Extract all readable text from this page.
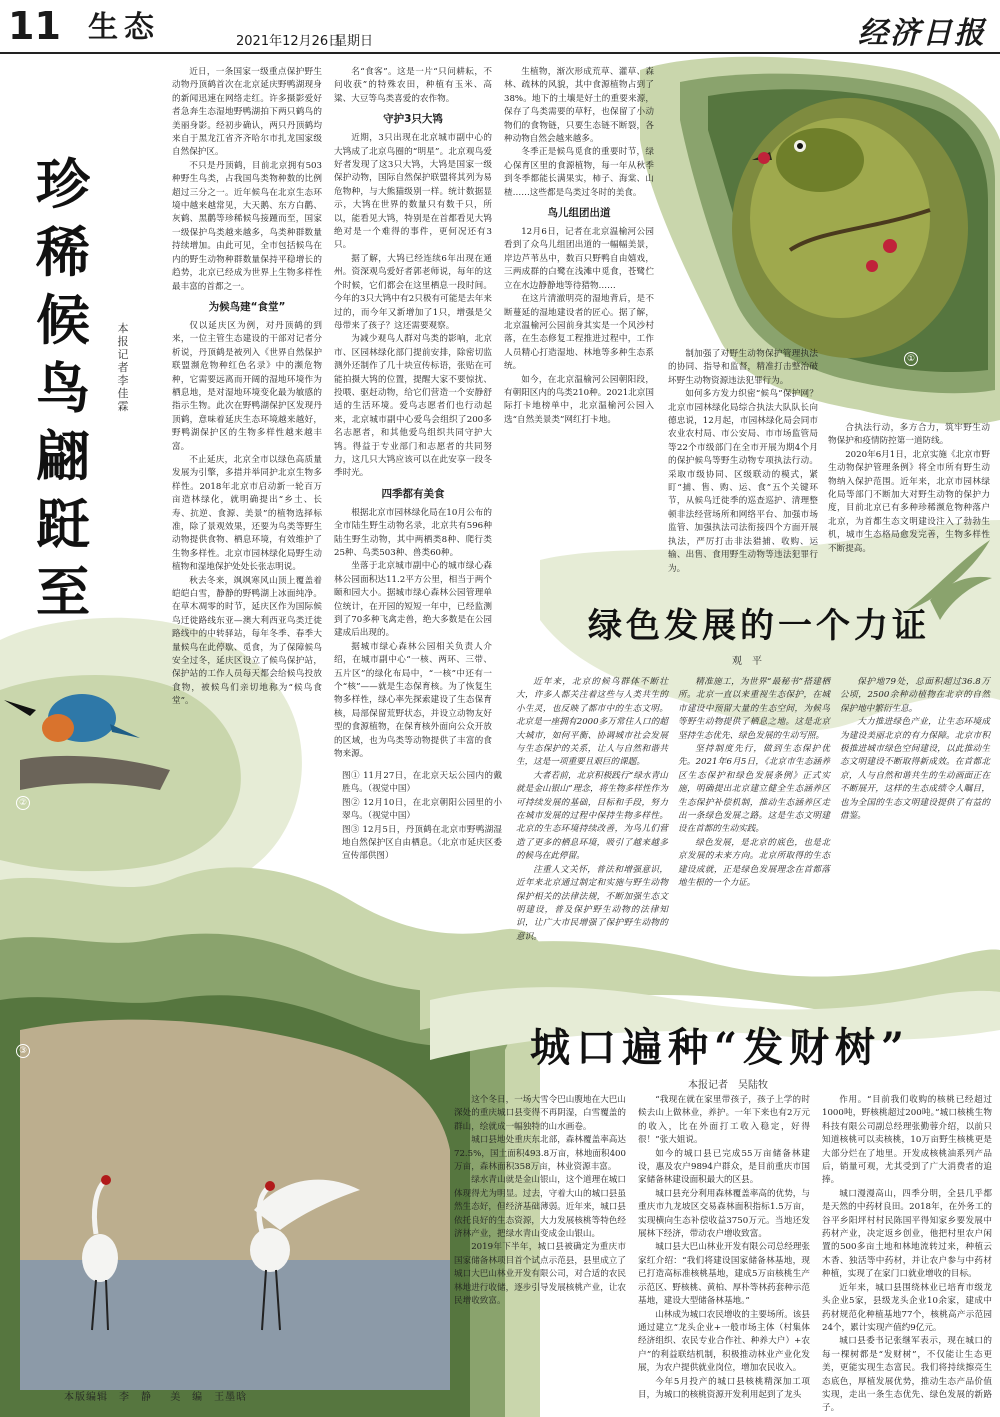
11 生态	2021年12月26日
星期日	经济日报
①
②
③
珍
稀
候
鸟
翩
跹
至
本
报
记
者
李
佳
霖

近日，一条国家一级重点保护野生动物丹顶鹤首次在北京延庆野鸭湖现身的新闻迅速在网络走红。许多摄影爱好者急奔生态湿地野鸭湖拍下两只鹤鸟的美丽身影。经初步确认，两只丹顶鹤均来自于黑龙江省齐齐哈尔市扎龙国家级自然保护区。

不只是丹顶鹤，目前北京拥有503种野生鸟类，占我国鸟类物种数的比例超过三分之一。近年候鸟在北京生态环境中越来越常见，大天鹅、东方白鹳、灰鹤、黑鹳等珍稀候鸟接踵而至，国家一级保护鸟类越来越多，鸟类种群数量持续增加。由此可见，全市包括候鸟在内的野生动物种群数量保持平稳增长的趋势，北京已经成为世界上生物多样性最丰富的首都之一。

为候鸟建“食堂”

仅以延庆区为例，对丹顶鹤的到来，一位主管生态建设的干部对记者分析说，丹顶鹤是被列入《世界自然保护联盟濒危物种红色名录》中的濒危物种，它需要远离而开阔的湿地环境作为栖息地，是对湿地环境变化最为敏感的指示生物。此次在野鸭湖保护区发现丹顶鹤，意味着延庆生态环境越来越好，野鸭湖保护区的生物多样性越来越丰富。

不止延庆，北京全市以绿色高质量发展为引擎，多措并举同护北京生物多样性。2018年北京市启动新一轮百万亩造林绿化，就明确提出“乡土、长寿、抗逆、食源、美景”的植物选择标准，除了景观效果，还要为鸟类等野生动物提供食物、栖息环境，有效维护了生物多样性。北京市园林绿化局野生动植物和湿地保护处处长张志明说。

秋去冬来，飒飒寒风山顶上覆盖着皑皑白雪，静静的野鸭湖上冰面纯净。在草木凋零的时节，延庆区作为国际候鸟迁徙路线东亚—澳大利西亚鸟类迁徙路线中的中转驿站，每年冬季、春季大量候鸟在此停歇、觅食，为了保障候鸟安全过冬，延庆区设立了候鸟保护站，保护站的工作人员每天都会给候鸟投放食物，被候鸟们亲切地称为“候鸟食堂”。

名“食客”。这是一片“只问耕耘，不问收获”的特殊农田，种植有玉米、高粱、大豆等鸟类喜爱的农作物。

守护3只大鸨

近期，3只出现在北京城市副中心的大鸨成了北京鸟圈的“明星”。北京观鸟爱好者发现了这3只大鸨，大鸨是国家一级保护动物，国际自然保护联盟将其列为易危物种，与大熊猫级别一样。统计数据显示，大鸨在世界的数量只有数千只，所以，能看见大鸨，特别是在首都看见大鸨绝对是一个难得的事件，更何况还有3只。

据了解，大鸨已经连续6年出现在通州。资深观鸟爱好者郭老师说，每年的这个时候，它们都会在这里栖息一段时间。今年的3只大鸨中有2只极有可能是去年来过的，而今年又新增加了1只，增强是父母带来了孩子？这还需要观察。

为减少观鸟人群对鸟类的影响，北京市、区园林绿化部门提前安排，除密切监测外还制作了几十块宣传标语，张贴在可能拍摄大鸨的位置，提醒大家不要惊扰、投喂、驱赶动物，给它们营造一个安静舒适的生活环境。爱鸟志愿者们也行动起来，北京城市副中心爱鸟会组织了200多名志愿者，和其他爱鸟组织共同守护大鸨。得益于专业部门和志愿者的共同努力，这几只大鸨应该可以在此安享一段冬季时光。

四季都有美食

根据北京市园林绿化局在10月公布的全市陆生野生动物名录，北京共有596种陆生野生动物，其中两栖类8种、爬行类25种、鸟类503种、兽类60种。

坐落于北京城市副中心的城市绿心森林公园面积达11.2平方公里，相当于两个颐和园大小。据城市绿心森林公园管理单位统计，在开园的短短一年中，已经监测到了70多种飞禽走兽，绝大多数是在公园建成后出现的。

据城市绿心森林公园相关负责人介绍，在城市副中心“一核、两环、三带、五片区”的绿化布局中，“一核”中还有一个“核”——就是生态保育核。为了恢复生物多样性，绿心率先探索建设了生态保育核，局部保留荒野状态，并设立动物友好型的食源植物，在保育核外面向公众开放的区域，也为鸟类等动物提供了丰富的食物来源。

图① 11月27日，在北京天坛公园内的戴胜鸟。（视觉中国）

图② 12月10日，在北京朝阳公园里的小翠鸟。（视觉中国）

图③ 12月5日，丹顶鹤在北京市野鸭湖湿地自然保护区自由栖息。（北京市延庆区委宣传部供图）

生植物，渐次形成荒草、灌草、森林、疏林的风貌，其中食源植物占到了38%。地下的土壤是好土的重要来源，保存了鸟类需要的草籽，也保留了小动物们的食物链，只要生态链不断裂，各种动物自然会越来越多。

冬季正是候鸟觅食的重要时节，绿心保育区里的食源植物，每一年从秋季到冬季都能长满果实，柿子、海棠、山楂……这些都是鸟类过冬时的美食。

鸟儿组团出道

12月6日，记者在北京温榆河公园看到了众鸟儿组团出道的一幅幅美景，岸边芦苇丛中，数百只野鸭自由嬉戏，三两成群的白鹭在浅滩中觅食，苍鹭伫立在水边静静地等待猎物……

在这片清澈明亮的湿地背后，是不断蔓延的湿地建设者的匠心。据了解，北京温榆河公园前身其实是一个风沙村落，在生态修复工程推进过程中，工作人员精心打造湿地、林地等多种生态系统。

如今，在北京温榆河公园朝阳段，有朝阳区内的鸟类210种。2021北京国际打卡地榜单中，北京温榆河公园入选“自然美景类”网红打卡地。

制加强了对野生动物保护管理执法的协同、指导和监督，精准打击整治破坏野生动物资源违法犯罪行为。

如何多方发力织密“候鸟”保护网？北京市园林绿化局综合执法大队队长向德忠说，12月起，市园林绿化局会同市农业农村局、市公安局、市市场监管局等22个市级部门在全市开展为期4个月的保护候鸟等野生动物专项执法行动。采取市级协同、区级联动的模式，紧盯“捕、售、购、运、食”五个关键环节，从候鸟迁徙季的巡查巡护、清理整顿非法经营场所和网络平台、加强市场监管、加强执法司法衔接四个方面开展执法，严厉打击非法猎捕、收购、运输、出售、食用野生动物等违法犯罪行为。

合执法行动，多方合力，筑牢野生动物保护和疫情防控第一道防线。

2020年6月1日，北京实施《北京市野生动物保护管理条例》将全市所有野生动物纳入保护范围。近年来，北京市园林绿化局等部门不断加大对野生动物的保护力度，目前北京已有多种珍稀濒危物种落户北京，为首都生态文明建设注入了勃勃生机，城市生态格局愈发完善，生物多样性不断提高。

绿色发展的一个力证
观　平

近年来，北京的候鸟群体不断壮大，许多人都关注着这些与人类共生的小生灵，也反映了都市中的生态文明。北京是一座拥有2000多万常住人口的超大城市，如何平衡、协调城市社会发展与生态保护的关系，让人与自然和谐共生，这是一项重要且艰巨的课题。

大者若前，北京积极践行“绿水青山就是金山银山”理念，将生物多样性作为可持续发展的基础，目标和手段，努力在城市发展的过程中保持生物多样性。北京的生态环境持续改善，为鸟儿们营造了更多的栖息环境，吸引了越来越多的候鸟在此停留。

注重人文关怀，普法和增强意识，近年来北京通过制定和实施与野生动物保护相关的法律法规，不断加强生态文明建设，普及保护野生动物的法律知识，让广大市民增强了保护野生动物的意识。

精准施工，为世界“最秘书”搭建栖所。北京一直以来重视生态保护，在城市建设中预留大量的生态空间，为候鸟等野生动物提供了栖息之地。这是北京坚持生态优先、绿色发展的生动写照。

坚持制度先行，做到生态保护优先。2021年6月5日，《北京市生态涵养区生态保护和绿色发展条例》正式实施，明确提出北京建立健全生态涵养区生态保护补偿机制，推动生态涵养区走出一条绿色发展之路。这是生态文明建设在首都的生动实践。

绿色发展，是北京的底色，也是北京发展的未来方向。北京所取得的生态建设成就，正是绿色发展理念在首都落地生根的一个力证。

保护地79处，总面积超过36.8万公顷，2500余种动植物在北京的自然保护地中繁衍生息。

大力推进绿色产业，让生态环境成为建设美丽北京的有力保障。北京市积极推进城市绿色空间建设，以此推动生态文明建设不断取得新成效。在首都北京，人与自然和谐共生的生动画面正在不断展开，这样的生态成绩令人瞩目，也为全国的生态文明建设提供了有益的借鉴。

城口遍种“发财树”
本报记者　吴陆牧

这个冬日，一场大雪令巴山腹地在大巴山深处的重庆城口县变得不再阴湿，白雪覆盖的群山，绘就成一幅独特的山水画卷。

城口县地处重庆东北部，森林覆盖率高达72.5%，国土面积493.8万亩，林地面积400万亩，森林面积358万亩，林业资源丰富。

绿水青山就是金山银山，这个道理在城口体现得尤为明显。过去，守着大山的城口县虽然生态好，但经济基础薄弱。近年来，城口县依托良好的生态资源，大力发展核桃等特色经济林产业，把绿水青山变成金山银山。

2019年下半年，城口县被确定为重庆市国家储备林项目首个试点示范县，县里成立了城口大巴山林业开发有限公司，对合适的农民林地进行收储，逐步引导发展核桃产业，让农民增收致富。

“我现在就在家里带孩子，孩子上学的时候去山上做林业，养护。一年下来也有2万元的收入，比在外面打工收入稳定，好得很！”张大姐说。

如今的城口县已完成55万亩储备林建设，惠及农户9894户群众，是目前重庆市国家储备林建设面积最大的区县。

城口县充分利用森林覆盖率高的优势，与重庆市九龙坡区交易森林面积指标1.5万亩，实现横向生态补偿收益3750万元。当地还发展林下经济，带动农户增收致富。

城口县大巴山林业开发有限公司总经理张家红介绍：“我们将建设国家储备林基地，现已打造高标准核桃基地，建成5万亩核桃生产示范区、野核桃、黄柏、厚朴等林药套种示范基地，建设大型储备林基地。”

山林成为城口农民增收的主要场所。该县通过建立“龙头企业+一般市场主体（村集体经济组织、农民专业合作社、种养大户）+农户”的利益联结机制，积极推动林业产业化发展，为农户提供就业岗位，增加农民收入。

今年5月投产的城口县核桃精深加工项目，为城口的核桃资源开发利用起到了龙头

作用。“目前我们收购的核桃已经超过1000吨，野核桃超过200吨。”城口核桃生物科技有限公司副总经理张勤蓉介绍，以前只知道核桃可以卖核桃，10万亩野生核桃更是大部分烂在了地里。开发成核桃油系列产品后，销量可观，尤其受到了广大消费者的追捧。

城口漫漫高山，四季分明，全县几乎都是天然的中药材良田。2018年，在外务工的谷平乡阳坪村村民陈国平得知家乡要发展中药材产业，决定返乡创业，他把村里农户闲置的500多亩土地和林地流转过来，种植云木香、独活等中药材，并让农户参与中药材种植，实现了在家门口就业增收的目标。

近年来，城口县围绕林业已培育市级龙头企业5家，县级龙头企业10余家，建成中药材规范化种植基地77个，核桃高产示范园24个，累计实现产值约9亿元。

城口县委书记张继军表示，现在城口的每一棵树都是“发财树”，不仅能让生态更美，更能实现生态富民。我们将持续擦亮生态底色，厚植发展优势，推动生态产品价值实现，走出一条生态优先、绿色发展的新路子。

本版编辑　李　静 美　编　王墨晗
